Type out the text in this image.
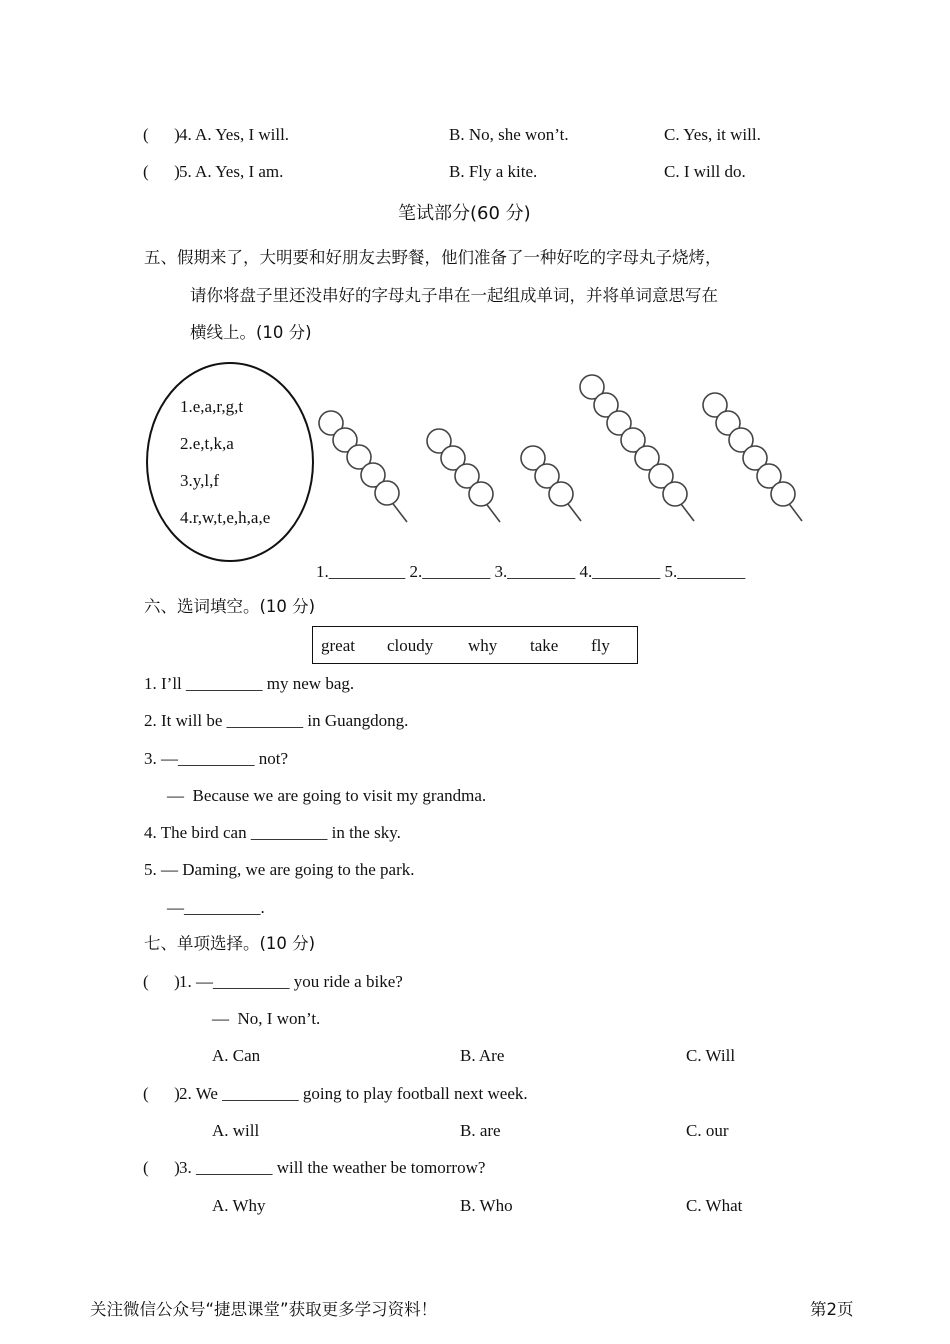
(      ) 4. A. Yes, I will.	B. No, she won’t.	C. Yes, it will.
(      ) 5. A. Yes, I am.	B. Fly a kite.	C. I will do.
笔试部分(60 分)
五、假期来了，大明要和好朋友去野餐，他们准备了一种好吃的字母丸子烧烤，
请你将盘子里还没串好的字母丸子串在一起组成单词，并将单词意思写在
横线上。(10 分)
1.e,a,r,g,t
2.e,t,k,a
3.y,l,f
4.r,w,t,e,h,a,e
1._________ 2.________ 3.________ 4.________ 5.________
六、选词填空。(10 分)
great cloudy why take fly
1. I’ll _________ my new bag.
2. It will be _________ in Guangdong.
3. —_________ not?
—  Because we are going to visit my grandma.
4. The bird can _________ in the sky.
5. — Daming, we are going to the park.
—_________.
七、单项选择。(10 分)
(      ) 1. —_________ you ride a bike?
—  No, I won’t.
A. Can	B. Are	C. Will
(      ) 2. We _________ going to play football next week.
A. will	B. are	C. our
(      ) 3. _________ will the weather be tomorrow?
A. Why	B. Who	C. What
关注微信公众号“捷思课堂”获取更多学习资料！	第2页
